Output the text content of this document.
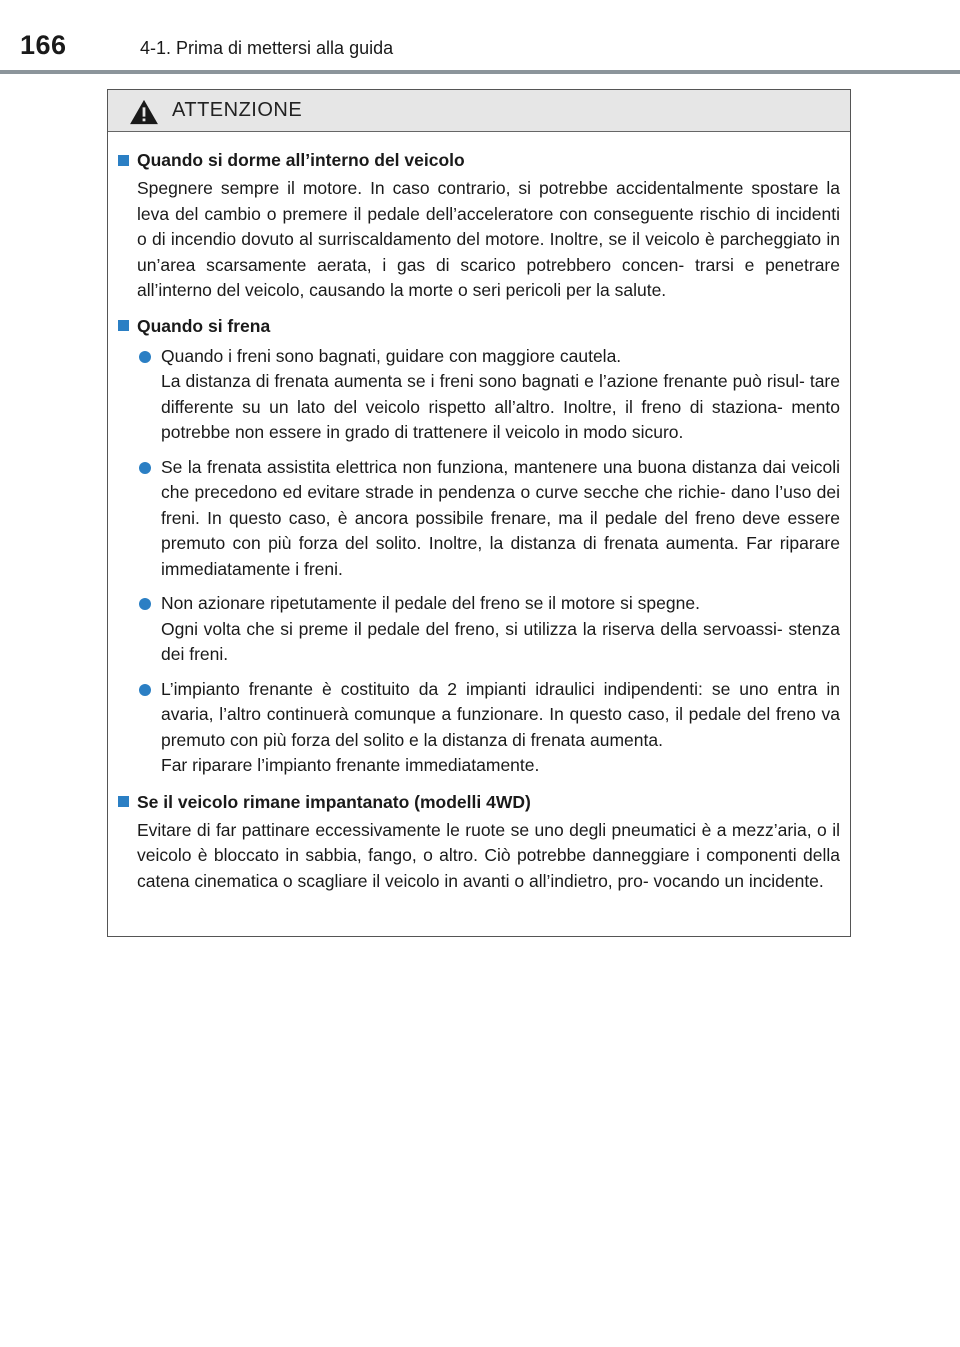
166	4-1. Prima di mettersi alla guida
ATTENZIONE
Quando si dorme all’interno del veicolo

Spegnere sempre il motore. In caso contrario, si potrebbe accidentalmente spostare la leva del cambio o premere il pedale dell’acceleratore con conseguente rischio di incidenti o di incendio dovuto al surriscaldamento del motore. Inoltre, se il veicolo è parcheggiato in un’area scarsamente aerata, i gas di scarico potrebbero concen- trarsi e penetrare all’interno del veicolo, causando la morte o seri pericoli per la salute.

Quando si frena

Quando i freni sono bagnati, guidare con maggiore cautela.

La distanza di frenata aumenta se i freni sono bagnati e l’azione frenante può risul- tare differente su un lato del veicolo rispetto all’altro. Inoltre, il freno di staziona- mento potrebbe non essere in grado di trattenere il veicolo in modo sicuro.

Se la frenata assistita elettrica non funziona, mantenere una buona distanza dai veicoli che precedono ed evitare strade in pendenza o curve secche che richie- dano l’uso dei freni. In questo caso, è ancora possibile frenare, ma il pedale del freno deve essere premuto con più forza del solito. Inoltre, la distanza di frenata aumenta. Far riparare immediatamente i freni.

Non azionare ripetutamente il pedale del freno se il motore si spegne.

Ogni volta che si preme il pedale del freno, si utilizza la riserva della servoassi- stenza dei freni.

L’impianto frenante è costituito da 2 impianti idraulici indipendenti: se uno entra in avaria, l’altro continuerà comunque a funzionare. In questo caso, il pedale del freno va premuto con più forza del solito e la distanza di frenata aumenta.

Far riparare l’impianto frenante immediatamente.

Se il veicolo rimane impantanato (modelli 4WD)

Evitare di far pattinare eccessivamente le ruote se uno degli pneumatici è a mezz’aria, o il veicolo è bloccato in sabbia, fango, o altro. Ciò potrebbe danneggiare i componenti della catena cinematica o scagliare il veicolo in avanti o all’indietro, pro- vocando un incidente.
